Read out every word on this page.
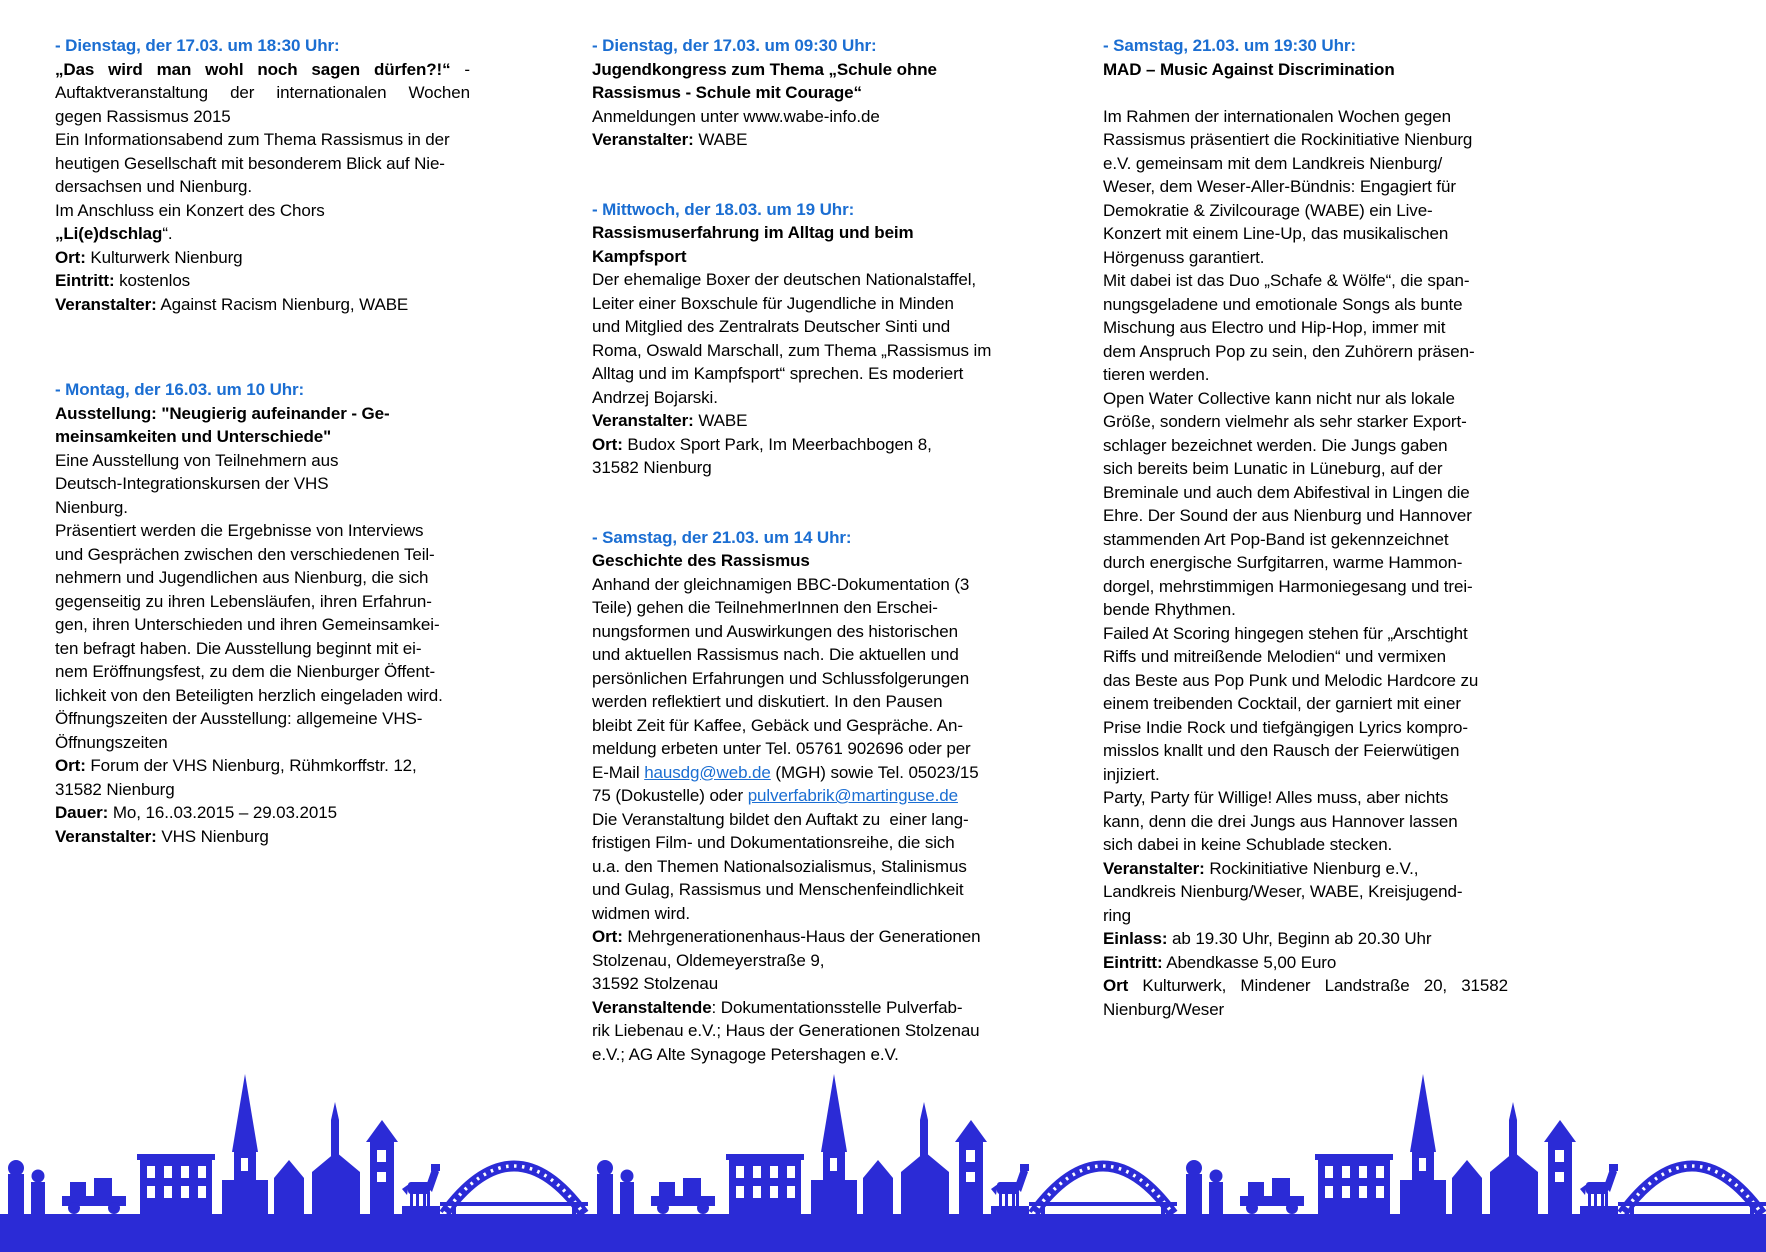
- Dienstag, der 17.03. um 18:30 Uhr:
„Das wird man wohl noch sagen dürfen?!“ -
Auftaktveranstaltung der internationalen Wochen
gegen Rassismus 2015
Ein Informationsabend zum Thema Rassismus in der
heutigen Gesellschaft mit besonderem Blick auf Nie-
dersachsen und Nienburg.
Im Anschluss ein Konzert des Chors
„Li(e)dschlag“.
Ort: Kulturwerk Nienburg
Eintritt: kostenlos
Veranstalter: Against Racism Nienburg, WABE
- Montag, der 16.03. um 10 Uhr:
Ausstellung: "Neugierig aufeinander - Ge-
meinsamkeiten und Unterschiede"
Eine Ausstellung von Teilnehmern aus
Deutsch-Integrationskursen der VHS
Nienburg.
Präsentiert werden die Ergebnisse von Interviews
und Gesprächen zwischen den verschiedenen Teil-
nehmern und Jugendlichen aus Nienburg, die sich
gegenseitig zu ihren Lebensläufen, ihren Erfahrun-
gen, ihren Unterschieden und ihren Gemeinsamkei-
ten befragt haben. Die Ausstellung beginnt mit ei-
nem Eröffnungsfest, zu dem die Nienburger Öffent-
lichkeit von den Beteiligten herzlich eingeladen wird.
Öffnungszeiten der Ausstellung: allgemeine VHS-
Öffnungszeiten
Ort: Forum der VHS Nienburg, Rühmkorffstr. 12,
31582 Nienburg
Dauer: Mo, 16..03.2015 – 29.03.2015
Veranstalter: VHS Nienburg
- Dienstag, der 17.03. um 09:30 Uhr:
Jugendkongress zum Thema „Schule ohne
Rassismus - Schule mit Courage“
Anmeldungen unter www.wabe-info.de
Veranstalter: WABE
- Mittwoch, der 18.03. um 19 Uhr:
Rassismuserfahrung im Alltag und beim
Kampfsport
Der ehemalige Boxer der deutschen Nationalstaffel,
Leiter einer Boxschule für Jugendliche in Minden
und Mitglied des Zentralrats Deutscher Sinti und
Roma, Oswald Marschall, zum Thema „Rassismus im
Alltag und im Kampfsport“ sprechen. Es moderiert
Andrzej Bojarski.
Veranstalter: WABE
Ort: Budox Sport Park, Im Meerbachbogen 8,
31582 Nienburg
- Samstag, der 21.03. um 14 Uhr:
Geschichte des Rassismus
Anhand der gleichnamigen BBC-Dokumentation (3
Teile) gehen die TeilnehmerInnen den Erschei-
nungsformen und Auswirkungen des historischen
und aktuellen Rassismus nach. Die aktuellen und
persönlichen Erfahrungen und Schlussfolgerungen
werden reflektiert und diskutiert. In den Pausen
bleibt Zeit für Kaffee, Gebäck und Gespräche. An-
meldung erbeten unter Tel. 05761 902696 oder per
E-Mail hausdg@web.de (MGH) sowie Tel. 05023/15
75 (Dokustelle) oder pulverfabrik@martinguse.de
Die Veranstaltung bildet den Auftakt zu  einer lang-
fristigen Film- und Dokumentationsreihe, die sich
u.a. den Themen Nationalsozialismus, Stalinismus
und Gulag, Rassismus und Menschenfeindlichkeit
widmen wird.
Ort: Mehrgenerationenhaus-Haus der Generationen
Stolzenau, Oldemeyerstraße 9,
31592 Stolzenau
Veranstaltende: Dokumentationsstelle Pulverfab-
rik Liebenau e.V.; Haus der Generationen Stolzenau
e.V.; AG Alte Synagoge Petershagen e.V.
- Samstag, 21.03. um 19:30 Uhr:
MAD – Music Against Discrimination

Im Rahmen der internationalen Wochen gegen
Rassismus präsentiert die Rockinitiative Nienburg
e.V. gemeinsam mit dem Landkreis Nienburg/
Weser, dem Weser-Aller-Bündnis: Engagiert für
Demokratie & Zivilcourage (WABE) ein Live-
Konzert mit einem Line-Up, das musikalischen
Hörgenuss garantiert.
Mit dabei ist das Duo „Schafe & Wölfe“, die span-
nungsgeladene und emotionale Songs als bunte
Mischung aus Electro und Hip-Hop, immer mit
dem Anspruch Pop zu sein, den Zuhörern präsen-
tieren werden.
Open Water Collective kann nicht nur als lokale
Größe, sondern vielmehr als sehr starker Export-
schlager bezeichnet werden. Die Jungs gaben
sich bereits beim Lunatic in Lüneburg, auf der
Breminale und auch dem Abifestival in Lingen die
Ehre. Der Sound der aus Nienburg und Hannover
stammenden Art Pop-Band ist gekennzeichnet
durch energische Surfgitarren, warme Hammon-
dorgel, mehrstimmigen Harmoniegesang und trei-
bende Rhythmen.
Failed At Scoring hingegen stehen für „Arschtight
Riffs und mitreißende Melodien“ und vermixen
das Beste aus Pop Punk und Melodic Hardcore zu
einem treibenden Cocktail, der garniert mit einer
Prise Indie Rock und tiefgängigen Lyrics kompro-
misslos knallt und den Rausch der Feierwütigen
injiziert.
Party, Party für Willige! Alles muss, aber nichts
kann, denn die drei Jungs aus Hannover lassen
sich dabei in keine Schublade stecken.
Veranstalter: Rockinitiative Nienburg e.V.,
Landkreis Nienburg/Weser, WABE, Kreisjugend-
ring
Einlass: ab 19.30 Uhr, Beginn ab 20.30 Uhr
Eintritt: Abendkasse 5,00 Euro
Ort Kulturwerk, Mindener Landstraße 20, 31582
Nienburg/Weser
